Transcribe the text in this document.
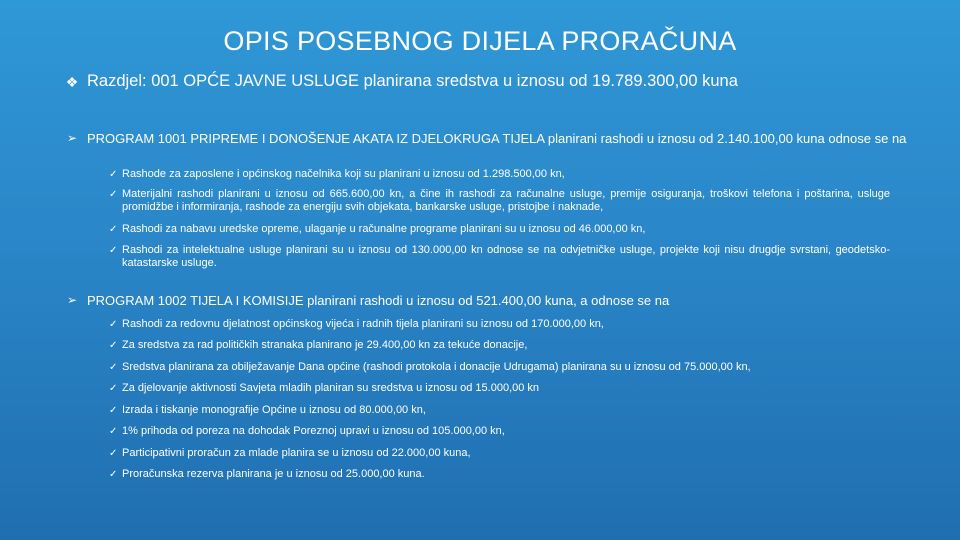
OPIS POSEBNOG DIJELA PRORAČUNA
❖ Razdjel: 001 OPĆE JAVNE USLUGE planirana sredstva u iznosu od 19.789.300,00 kuna
➢ PROGRAM 1001 PRIPREME I DONOŠENJE AKATA IZ DJELOKRUGA TIJELA planirani rashodi u iznosu od 2.140.100,00 kuna odnose se na
✓ Rashode za zaposlene i općinskog načelnika koji su planirani u iznosu od 1.298.500,00 kn,
✓ Materijalni rashodi planirani u iznosu od 665.600,00 kn, a čine ih rashodi za računalne usluge, premije osiguranja, troškovi telefona i poštarina, usluge promidžbe i informiranja, rashode za energiju svih objekata, bankarske usluge, pristojbe i naknade,
✓ Rashodi za nabavu uredske opreme, ulaganje u računalne programe planirani su u iznosu od 46.000,00 kn,
✓ Rashodi za intelektualne usluge planirani su u iznosu od 130.000,00 kn odnose se na odvjetničke usluge, projekte koji nisu drugdje svrstani, geodetsko- katastarske usluge.
➢ PROGRAM 1002 TIJELA I KOMISIJE planirani rashodi u iznosu od 521.400,00 kuna, a odnose se na
✓ Rashodi za redovnu djelatnost općinskog vijeća i radnih tijela planirani su iznosu od 170.000,00 kn,
✓ Za sredstva za rad političkih stranaka planirano je 29.400,00 kn za tekuće donacije,
✓ Sredstva planirana za obilježavanje Dana općine (rashodi protokola i donacije Udrugama) planirana su u iznosu od 75.000,00 kn,
✓ Za djelovanje aktivnosti Savjeta mladih planiran su sredstva u iznosu od 15.000,00 kn
✓ Izrada i tiskanje monografije Općine u iznosu od 80.000,00 kn,
✓ 1% prihoda od poreza na dohodak Poreznoj upravi u iznosu od 105.000,00 kn,
✓ Participativni proračun za mlade planira se u iznosu od 22.000,00 kuna,
✓ Proračunska rezerva planirana je u iznosu od 25.000,00 kuna.
